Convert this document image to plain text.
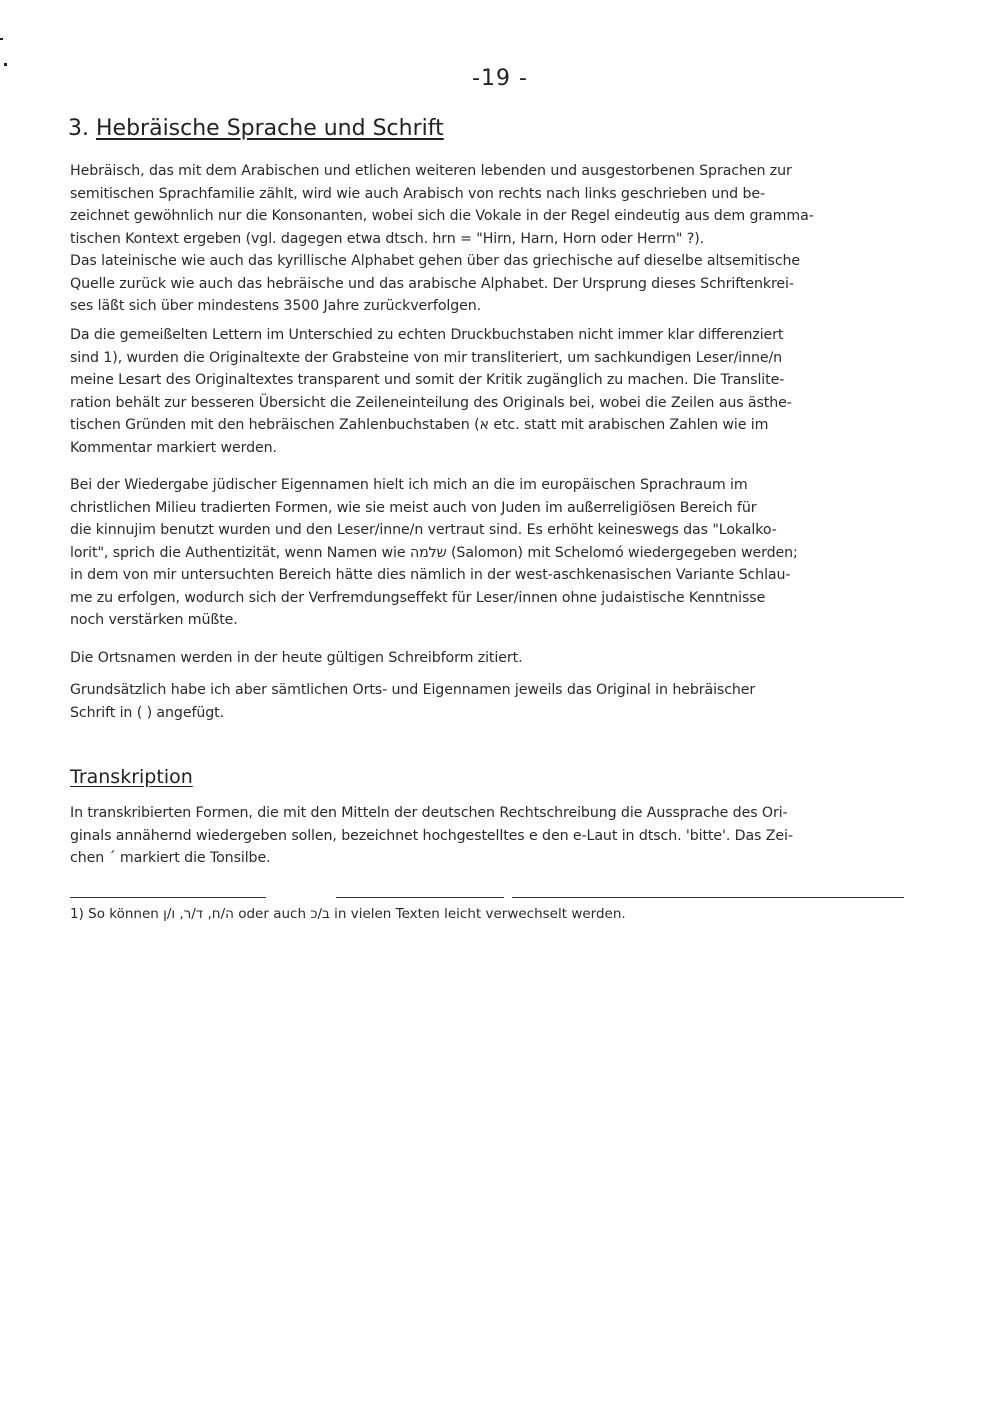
-19 -
3. Hebräische Sprache und Schrift
Hebräisch, das mit dem Arabischen und etlichen weiteren lebenden und ausgestorbenen Sprachen zur
semitischen Sprachfamilie zählt, wird wie auch Arabisch von rechts nach links geschrieben und be-
zeichnet gewöhnlich nur die Konsonanten, wobei sich die Vokale in der Regel eindeutig aus dem gramma-
tischen Kontext ergeben (vgl. dagegen etwa dtsch. hrn = "Hirn, Harn, Horn oder Herrn" ?).
Das lateinische wie auch das kyrillische Alphabet gehen über das griechische auf dieselbe altsemitische
Quelle zurück wie auch das hebräische und das arabische Alphabet. Der Ursprung dieses Schriftenkrei-
ses läßt sich über mindestens 3500 Jahre zurückverfolgen.
Da die gemeißelten Lettern im Unterschied zu echten Druckbuchstaben nicht immer klar differenziert
sind 1), wurden die Originaltexte der Grabsteine von mir transliteriert, um sachkundigen Leser/inne/n
meine Lesart des Originaltextes transparent und somit der Kritik zugänglich zu machen. Die Translite-
ration behält zur besseren Übersicht die Zeileneinteilung des Originals bei, wobei die Zeilen aus ästhe-
tischen Gründen mit den hebräischen Zahlenbuchstaben (א etc. statt mit arabischen Zahlen wie im
Kommentar markiert werden.
Bei der Wiedergabe jüdischer Eigennamen hielt ich mich an die im europäischen Sprachraum im
christlichen Milieu tradierten Formen, wie sie meist auch von Juden im außerreligiösen Bereich für
die kinnujim benutzt wurden und den Leser/inne/n vertraut sind. Es erhöht keineswegs das "Lokalko-
lorit", sprich die Authentizität, wenn Namen wie שלמה (Salomon) mit Schelomó wiedergegeben werden;
in dem von mir untersuchten Bereich hätte dies nämlich in der west-aschkenasischen Variante Schlau-
me zu erfolgen, wodurch sich der Verfremdungseffekt für Leser/innen ohne judaistische Kenntnisse
noch verstärken müßte.
Die Ortsnamen werden in der heute gültigen Schreibform zitiert.
Grundsätzlich habe ich aber sämtlichen Orts- und Eigennamen jeweils das Original in hebräischer
Schrift in ( ) angefügt.
Transkription
In transkribierten Formen, die mit den Mitteln der deutschen Rechtschreibung die Aussprache des Ori-
ginals annähernd wiedergeben sollen, bezeichnet hochgestelltes e den e-Laut in dtsch. 'bitte'. Das Zei-
chen ´ markiert die Tonsilbe.
1) So können ה/ח, ד/ר, ו/ן oder auch ב/כ in vielen Texten leicht verwechselt werden.
